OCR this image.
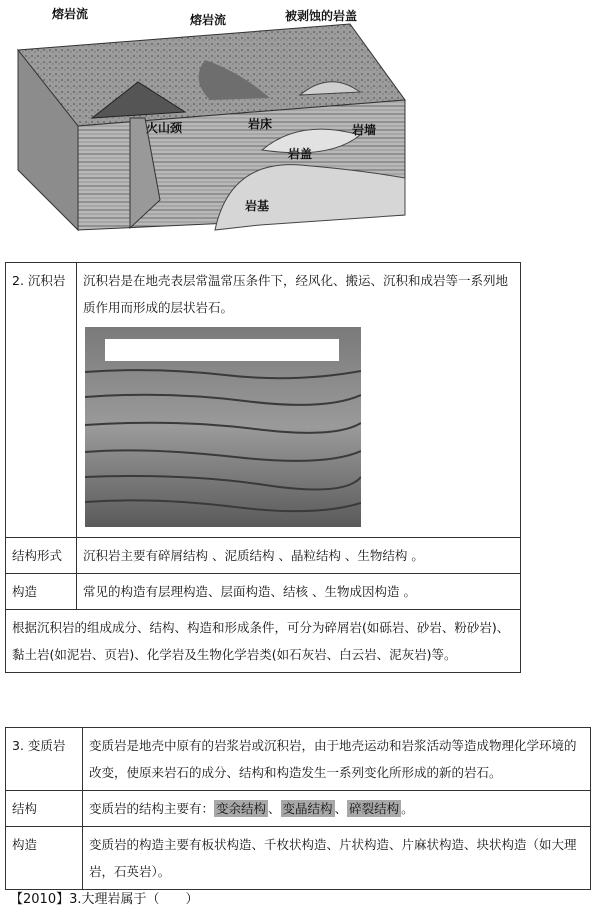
熔岩流	熔岩流	被剥蚀的岩盖
火山颈	岩床	岩墙
岩盖
岩基
2. 沉积岩	沉积岩是在地壳表层常温常压条件下，经风化、搬运、沉积和成岩等一系列地质作用而形成的层状岩石。

结构形式	沉积岩主要有碎屑结构 、泥质结构 、晶粒结构 、生物结构 。
构造	常见的构造有层理构造、层面构造、结核 、生物成因构造 。
根据沉积岩的组成成分、结构、构造和形成条件，可分为碎屑岩(如砾岩、砂岩、粉砂岩)、黏土岩(如泥岩、页岩)、化学岩及生物化学岩类(如石灰岩、白云岩、泥灰岩)等。	
3. 变质岩	变质岩是地壳中原有的岩浆岩或沉积岩，由于地壳运动和岩浆活动等造成物理化学环境的改变，使原来岩石的成分、结构和构造发生一系列变化所形成的新的岩石。
结构	变质岩的结构主要有： 变余结构 、 变晶结构 、 碎裂结构 。
构造	变质岩的构造主要有板状构造、千枚状构造、片状构造、片麻状构造、块状构造（如大理岩，石英岩）。
【2010】3.大理岩属于（　　）
